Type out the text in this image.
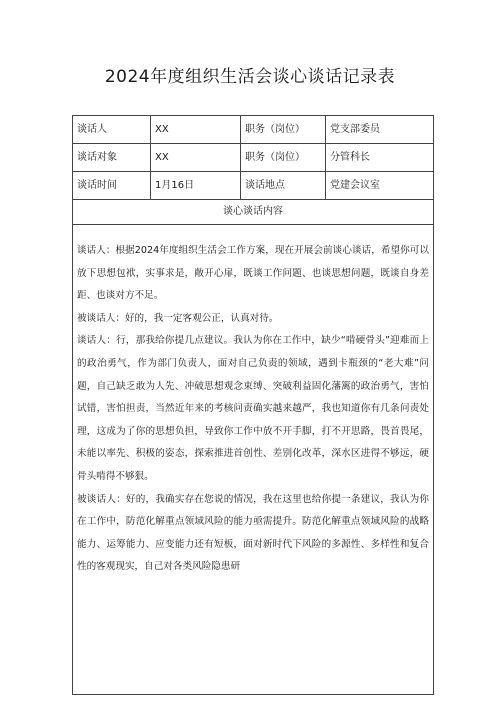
2024年度组织生活会谈心谈话记录表
谈话人	XX	职务（岗位）	党支部委员
谈话对象	XX	职务（岗位）	分管科长
谈话时间	1月16日	谈话地点	党建会议室
谈心谈话内容

谈话人：根据2024年度组织生活会工作方案，现在开展会前谈心谈话，希望你可以放下思想包袱，实事求是，敞开心扉，既谈工作问题、也谈思想问题，既谈自身差距、也谈对方不足。

被谈话人：好的，我一定客观公正，认真对待。

谈话人：行，那我给你提几点建议。我认为你在工作中，缺少“啃硬骨头”迎难而上的政治勇气，作为部门负责人，面对自己负责的领域，遇到卡瓶颈的“老大难”问题，自己缺乏敢为人先、冲破思想观念束缚、突破利益固化藩篱的政治勇气，害怕试错，害怕担责，当然近年来的考核问责确实越来越严，我也知道你有几条问责处理，这成为了你的思想负担，导致你工作中放不开手脚，打不开思路，畏首畏尾，未能以率先、积极的姿态，探索推进首创性、差别化改革，深水区进得不够远，硬骨头啃得不够狠。

被谈话人：好的，我确实存在您说的情况，我在这里也给你提一条建议，我认为你在工作中，防范化解重点领域风险的能力亟需提升。防范化解重点领域风险的战略能力、运筹能力、应变能力还有短板，面对新时代下风险的多源性、多样性和复合性的客观现实，自己对各类风险隐患研
